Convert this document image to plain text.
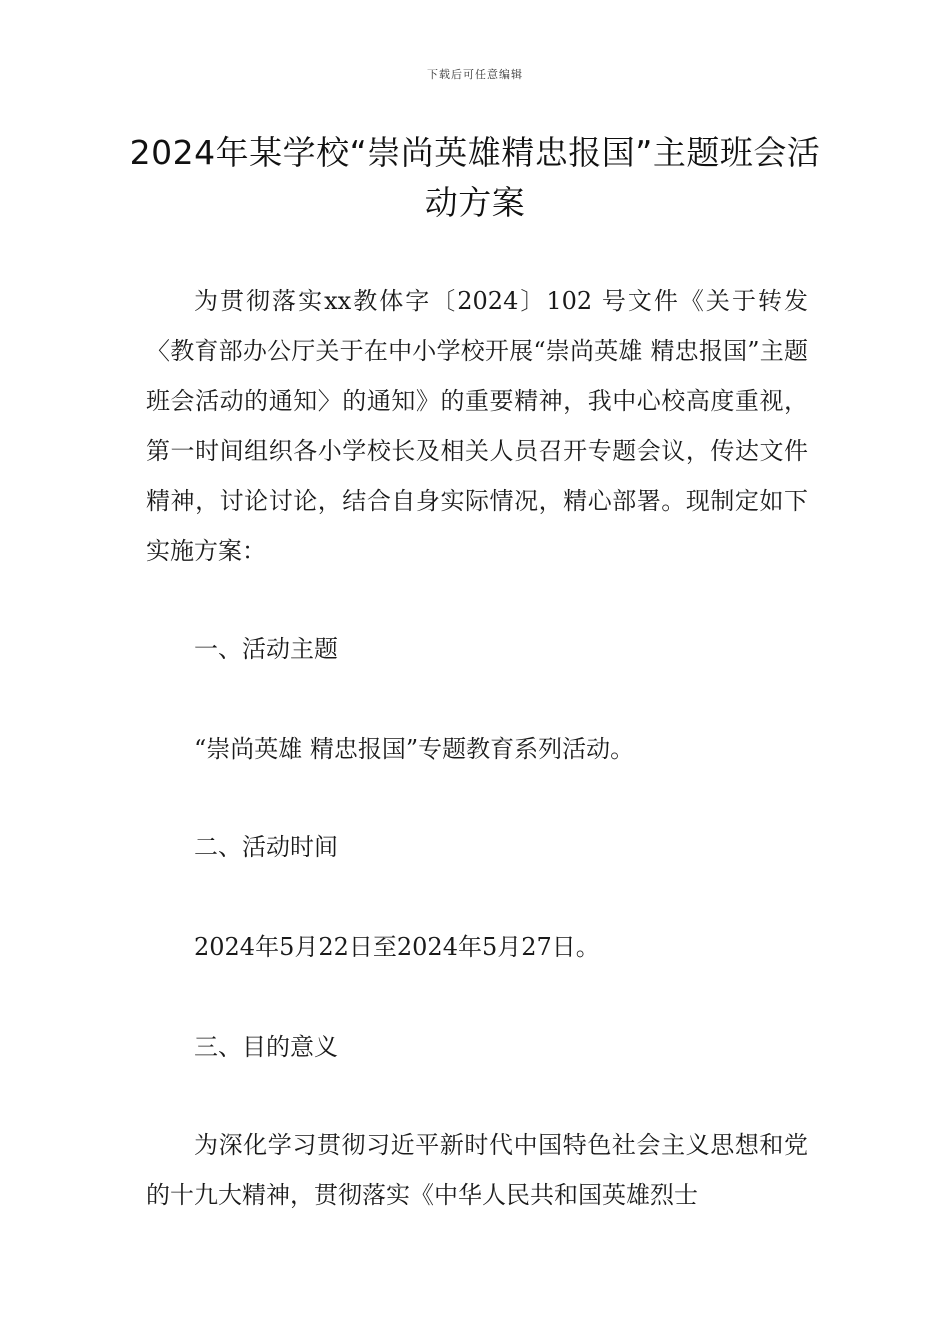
下载后可任意编辑
2024年某学校“崇尚英雄精忠报国”主题班会活动方案
为贯彻落实xx教体字〔2024〕102 号文件《关于转发〈教育部办公厅关于在中小学校开展“崇尚英雄 精忠报国”主题班会活动的通知〉的通知》的重要精神，我中心校高度重视，第一时间组织各小学校长及相关人员召开专题会议，传达文件精神，讨论讨论，结合自身实际情况，精心部署。现制定如下实施方案：
一、活动主题
“崇尚英雄 精忠报国”专题教育系列活动。
二、活动时间
2024年5月22日至2024年5月27日。
三、目的意义
为深化学习贯彻习近平新时代中国特色社会主义思想和党的十九大精神，贯彻落实《中华人民共和国英雄烈士
